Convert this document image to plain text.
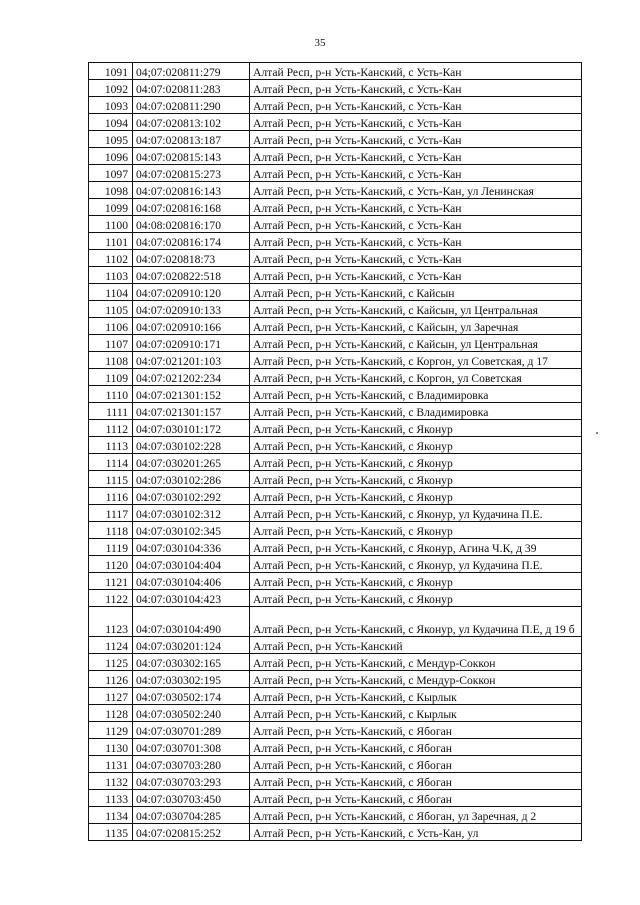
35
1091	04;07:020811:279	Алтай Респ, р-н Усть-Канский, с Усть-Кан
1092	04:07:020811:283	Алтай Респ, р-н Усть-Канский, с Усть-Кан
1093	04:07:020811:290	Алтай Респ, р-н Усть-Канский, с Усть-Кан
1094	04:07:020813:102	Алтай Респ, р-н Усть-Канский, с Усть-Кан
1095	04:07:020813:187	Алтай Респ, р-н Усть-Канский, с Усть-Кан
1096	04:07:020815:143	Алтай Респ, р-н Усть-Канский, с Усть-Кан
1097	04:07:020815:273	Алтай Респ, р-н Усть-Канский, с Усть-Кан
1098	04:07:020816:143	Алтай Респ, р-н Усть-Канский, с Усть-Кан, ул Ленинская
1099	04:07:020816:168	Алтай Респ, р-н Усть-Канский, с Усть-Кан
1100	04:08:020816:170	Алтай Респ, р-н Усть-Канский, с Усть-Кан
1101	04:07:020816:174	Алтай Респ, р-н Усть-Канский, с Усть-Кан
1102	04:07:020818:73	Алтай Респ, р-н Усть-Канский, с Усть-Кан
1103	04:07:020822:518	Алтай Респ, р-н Усть-Канский, с Усть-Кан
1104	04:07:020910:120	Алтай Респ, р-н Усть-Канский, с Кайсын
1105	04:07:020910:133	Алтай Респ, р-н Усть-Канский, с Кайсын, ул Центральная
1106	04:07:020910:166	Алтай Респ, р-н Усть-Канский, с Кайсын, ул Заречная
1107	04:07:020910:171	Алтай Респ, р-н Усть-Канский, с Кайсын, ул Центральная
1108	04:07:021201:103	Алтай Респ, р-н Усть-Канский, с Коргон, ул Советская, д 17
1109	04:07:021202:234	Алтай Респ, р-н Усть-Канский, с Коргон, ул Советская
1110	04:07:021301:152	Алтай Респ, р-н Усть-Канский, с Владимировка
1111	04:07:021301:157	Алтай Респ, р-н Усть-Канский, с Владимировка
1112	04:07:030101:172	Алтай Респ, р-н Усть-Канский, с Яконур
1113	04:07:030102:228	Алтай Респ, р-н Усть-Канский, с Яконур
1114	04:07:030201:265	Алтай Респ, р-н Усть-Канский, с Яконур
1115	04:07:030102:286	Алтай Респ, р-н Усть-Канский, с Яконур
1116	04:07:030102:292	Алтай Респ, р-н Усть-Канский, с Яконур
1117	04:07:030102:312	Алтай Респ, р-н Усть-Канский, с Яконур, ул Кудачина П.Е.
1118	04:07:030102:345	Алтай Респ, р-н Усть-Канский, с Яконур
1119	04:07:030104:336	Алтай Респ, р-н Усть-Канский, с Яконур, Агина Ч.К, д 39
1120	04:07:030104:404	Алтай Респ, р-н Усть-Канский, с Яконур, ул Кудачина П.Е.
1121	04:07:030104:406	Алтай Респ, р-н Усть-Канский, с Яконур
1122	04:07:030104:423	Алтай Респ, р-н Усть-Канский, с Яконур
1123	04:07:030104:490	Алтай Респ, р-н Усть-Канский, с Яконур, ул Кудачина П.Е, д 19 б
1124	04:07:030201:124	Алтай Респ, р-н Усть-Канский
1125	04:07:030302:165	Алтай Респ, р-н Усть-Канский, с Мендур-Соккон
1126	04:07:030302:195	Алтай Респ, р-н Усть-Канский, с Мендур-Соккон
1127	04:07:030502:174	Алтай Респ, р-н Усть-Канский, с Кырлык
1128	04:07:030502:240	Алтай Респ, р-н Усть-Канский, с Кырлык
1129	04:07:030701:289	Алтай Респ, р-н Усть-Канский, с Ябоган
1130	04:07:030701:308	Алтай Респ, р-н Усть-Канский, с Ябоган
1131	04:07:030703:280	Алтай Респ, р-н Усть-Канский, с Ябоган
1132	04:07:030703:293	Алтай Респ, р-н Усть-Канский, с Ябоган
1133	04:07:030703:450	Алтай Респ, р-н Усть-Канский, с Ябоган
1134	04:07:030704:285	Алтай Респ, р-н Усть-Канский, с Ябоган, ул Заречная, д 2
1135	04:07:020815:252	Алтай Респ, р-н Усть-Канский, с Усть-Кан, ул
